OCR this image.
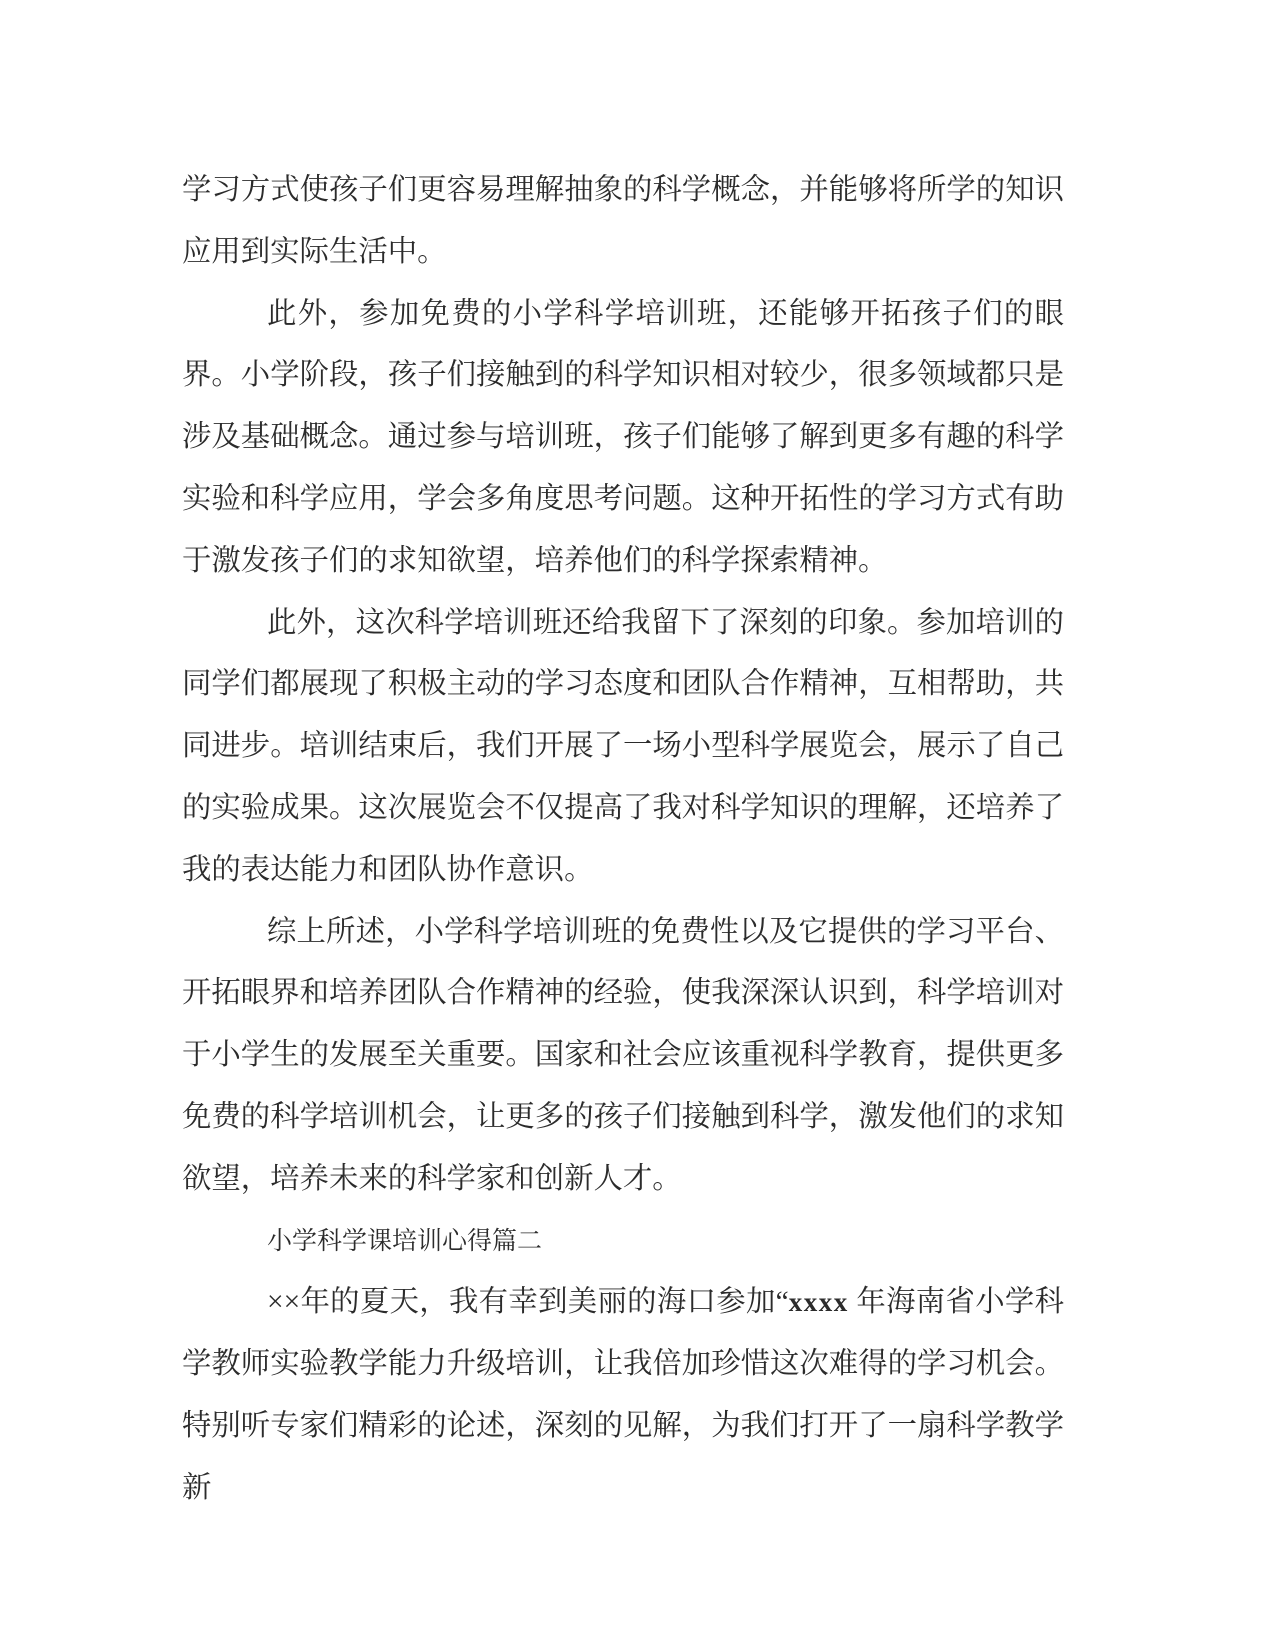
学习方式使孩子们更容易理解抽象的科学概念，并能够将所学的知识应用到实际生活中。

此外，参加免费的小学科学培训班，还能够开拓孩子们的眼界。小学阶段，孩子们接触到的科学知识相对较少，很多领域都只是涉及基础概念。通过参与培训班，孩子们能够了解到更多有趣的科学实验和科学应用，学会多角度思考问题。这种开拓性的学习方式有助于激发孩子们的求知欲望，培养他们的科学探索精神。

此外，这次科学培训班还给我留下了深刻的印象。参加培训的同学们都展现了积极主动的学习态度和团队合作精神，互相帮助，共同进步。培训结束后，我们开展了一场小型科学展览会，展示了自己的实验成果。这次展览会不仅提高了我对科学知识的理解，还培养了我的表达能力和团队协作意识。

综上所述，小学科学培训班的免费性以及它提供的学习平台、开拓眼界和培养团队合作精神的经验，使我深深认识到，科学培训对于小学生的发展至关重要。国家和社会应该重视科学教育，提供更多免费的科学培训机会，让更多的孩子们接触到科学，激发他们的求知欲望，培养未来的科学家和创新人才。

小学科学课培训心得篇二

××年的夏天，我有幸到美丽的海口参加“xxxx 年海南省小学科学教师实验教学能力升级培训，让我倍加珍惜这次难得的学习机会。特别听专家们精彩的论述，深刻的见解，为我们打开了一扇科学教学新
